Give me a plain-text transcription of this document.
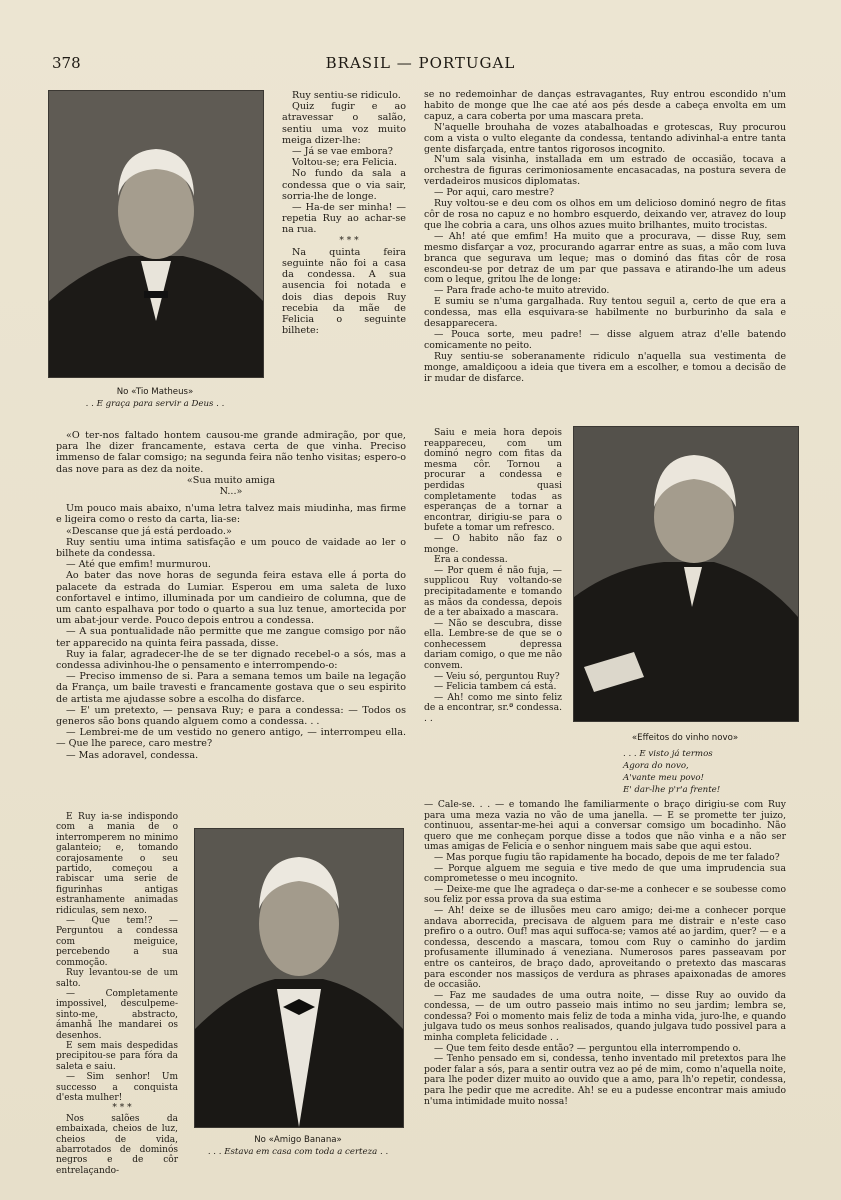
378	BRASIL — PORTUGAL
No «Tio Matheus»
. . E graça para servir a Deus . .
«Effeitos do vinho novo»
. . . E visto já termos
Agora do novo,
A'vante meu povo!
E' dar-lhe p'r'a frente!
No «Amigo Banana»
. . . Estava em casa com toda a certeza . .

Ruy sentiu-se ridiculo.

Quiz fugir e ao atravessar o salão, sentiu uma voz muito meiga dizer-lhe:

— Já se vae embora?

Voltou-se; era Felicia.

No fundo da sala a condessa que o via sair, sorria-lhe de longe.

— Ha-de ser minha! — repetia Ruy ao achar-se na rua.

* * *

Na quinta feira seguinte não foi a casa da condessa. A sua ausencia foi notada e dois dias depois Ruy recebia da mãe de Felicia o seguinte bilhete:

«O ter-nos faltado hontem causou-me grande admiração, por que, para lhe dizer francamente, estava certa de que vinha. Preciso immenso de falar comsigo; na segunda feira não tenho visitas; espero-o das nove para as dez da noite.

«Sua muito amiga

N...»

Um pouco mais abaixo, n'uma letra talvez mais miudinha, mas firme e ligeira como o resto da carta, lia-se:

«Descanse que já está perdoado.»

Ruy sentiu uma intima satisfação e um pouco de vaidade ao ler o bilhete da condessa.

— Até que emfim! murmurou.

Ao bater das nove horas de segunda feira estava elle á porta do palacete da estrada do Lumiar. Esperou em uma saleta de luxo confortavel e intimo, illuminada por um candieiro de columna, que de um canto espalhava por todo o quarto a sua luz tenue, amortecida por um abat-jour verde. Pouco depois entrou a condessa.

— A sua pontualidade não permitte que me zangue comsigo por não ter apparecido na quinta feira passada, disse.

Ruy ia falar, agradecer-lhe de se ter dignado recebel-o a sós, mas a condessa adivinhou-lhe o pensamento e interrompendo-o:

— Preciso immenso de si. Para a semana temos um baile na legação da França, um baile travesti e francamente gostava que o seu espirito de artista me ajudasse sobre a escolha do disfarce.

— E' um pretexto, — pensava Ruy; e para a condessa: — Todos os generos são bons quando alguem como a condessa. . .

— Lembrei-me de um vestido no genero antigo, — interrompeu ella. — Que lhe parece, caro mestre?

— Mas adoravel, condessa.

E Ruy ia-se indispondo com a mania de o interromperem no minimo galanteio; e, tomando corajosamente o seu partido, começou a rabiscar uma serie de figurinhas antigas estranhamente animadas ridiculas, sem nexo.

— Que tem!? — Perguntou a condessa com meiguice, percebendo a sua commoção.

Ruy levantou-se de um salto.

— Completamente impossivel, desculpeme-sinto-me, abstracto, ámanhã lhe mandarei os desenhos.

E sem mais despedidas precipitou-se para fóra da saleta e saiu.

— Sim senhor! Um successo a conquista d'esta mulher!

* * *

Nos salões da embaixada, cheios de luz, cheios de vida, abarrotados de dominós negros e de côr entrelaçando-

se no redemoinhar de danças estravagantes, Ruy entrou escondido n'um habito de monge que lhe cae até aos pés desde a cabeça envolta em um capuz, a cara coberta por uma mascara preta.

N'aquelle brouhaha de vozes atabalhoadas e grotescas, Ruy procurou com a vista o vulto elegante da condessa, tentando adivinhal-a entre tanta gente disfarçada, entre tantos rigorosos incognito.

N'um sala visinha, installada em um estrado de occasião, tocava a orchestra de figuras cerimoniosamente encasacadas, na postura severa de verdadeiros musicos diplomatas.

— Por aqui, caro mestre?

Ruy voltou-se e deu com os olhos em um delicioso dominó negro de fitas côr de rosa no capuz e no hombro esquerdo, deixando ver, atravez do loup que lhe cobria a cara, uns olhos azues muito brilhantes, muito trocistas.

— Ah! até que emfim! Ha muito que a procurava, — disse Ruy, sem mesmo disfarçar a voz, procurando agarrar entre as suas, a mão com luva branca que segurava um leque; mas o dominó das fitas côr de rosa escondeu-se por detraz de um par que passava e atirando-lhe um adeus com o leque, gritou lhe de longe:

— Para frade acho-te muito atrevido.

E sumiu se n'uma gargalhada. Ruy tentou seguil a, certo de que era a condessa, mas ella esquivara-se habilmente no burburinho da sala e desapparecera.

— Pouca sorte, meu padre! — disse alguem atraz d'elle batendo comicamente no peito.

Ruy sentiu-se soberanamente ridiculo n'aquella sua vestimenta de monge, amaldiçoou a ideia que tivera em a escolher, e tomou a decisão de ir mudar de disfarce.

Saiu e meia hora depois reappareceu, com um dominó negro com fitas da mesma côr. Tornou a procurar a condessa e perdidas quasi completamente todas as esperanças de a tornar a encontrar, dirigiu-se para o bufete a tomar um refresco.

— O habito não faz o monge.

Era a condessa.

— Por quem é não fuja, — supplicou Ruy voltando-se precipitadamente e tomando as mãos da condessa, depois de a ter abaixado a mascara.

— Não se descubra, disse ella. Lembre-se de que se o conhecessem depressa dariam comigo, o que me não convem.

— Veiu só, perguntou Ruy?

— Felicia tambem cá está.

— Ah! como me sinto feliz de a encontrar, sr.ª condessa. . .

— Cale-se. . . — e tomando lhe familiarmente o braço dirigiu-se com Ruy para uma meza vazia no vão de uma janella. — E se promette ter juizo, continuou, assentar-me-hei aqui a conversar comsigo um bocadinho. Não quero que me conheçam porque disse a todos que não vinha e a não ser umas amigas de Felicia e o senhor ninguem mais sabe que aqui estou.

— Mas porque fugiu tão rapidamente ha bocado, depois de me ter falado?

— Porque alguem me seguia e tive medo de que uma imprudencia sua comprometesse o meu incognito.

— Deixe-me que lhe agradeça o dar-se-me a conhecer e se soubesse como sou feliz por essa prova da sua estima

— Ah! deixe se de illusões meu caro amigo; dei-me a conhecer porque andava aborrecida, precisava de alguem para me distrair e n'este caso prefiro o a outro. Ouf! mas aqui suffoca-se; vamos até ao jardim, quer? — e a condessa, descendo a mascara, tomou com Ruy o caminho do jardim profusamente illuminado á veneziana. Numerosos pares passeavam por entre os canteiros, de braço dado, aproveitando o pretexto das mascaras para esconder nos massiços de verdura as phrases apaixonadas de amores de occasião.

— Faz me saudades de uma outra noite, — disse Ruy ao ouvido da condessa, — de um outro passeio mais intimo no seu jardim; lembra se, condessa? Foi o momento mais feliz de toda a minha vida, juro-lhe, e quando julgava tudo os meus sonhos realisados, quando julgava tudo possivel para a minha completa felicidade . .

— Que tem feito desde então? — perguntou ella interrompendo o.

— Tenho pensado em si, condessa, tenho inventado mil pretextos para lhe poder falar a sós, para a sentir outra vez ao pé de mim, como n'aquella noite, para lhe poder dizer muito ao ouvido que a amo, para lh'o repetir, condessa, para lhe pedir que me acredite. Ah! se eu a pudesse encontrar mais amiudo n'uma intimidade muito nossa!
